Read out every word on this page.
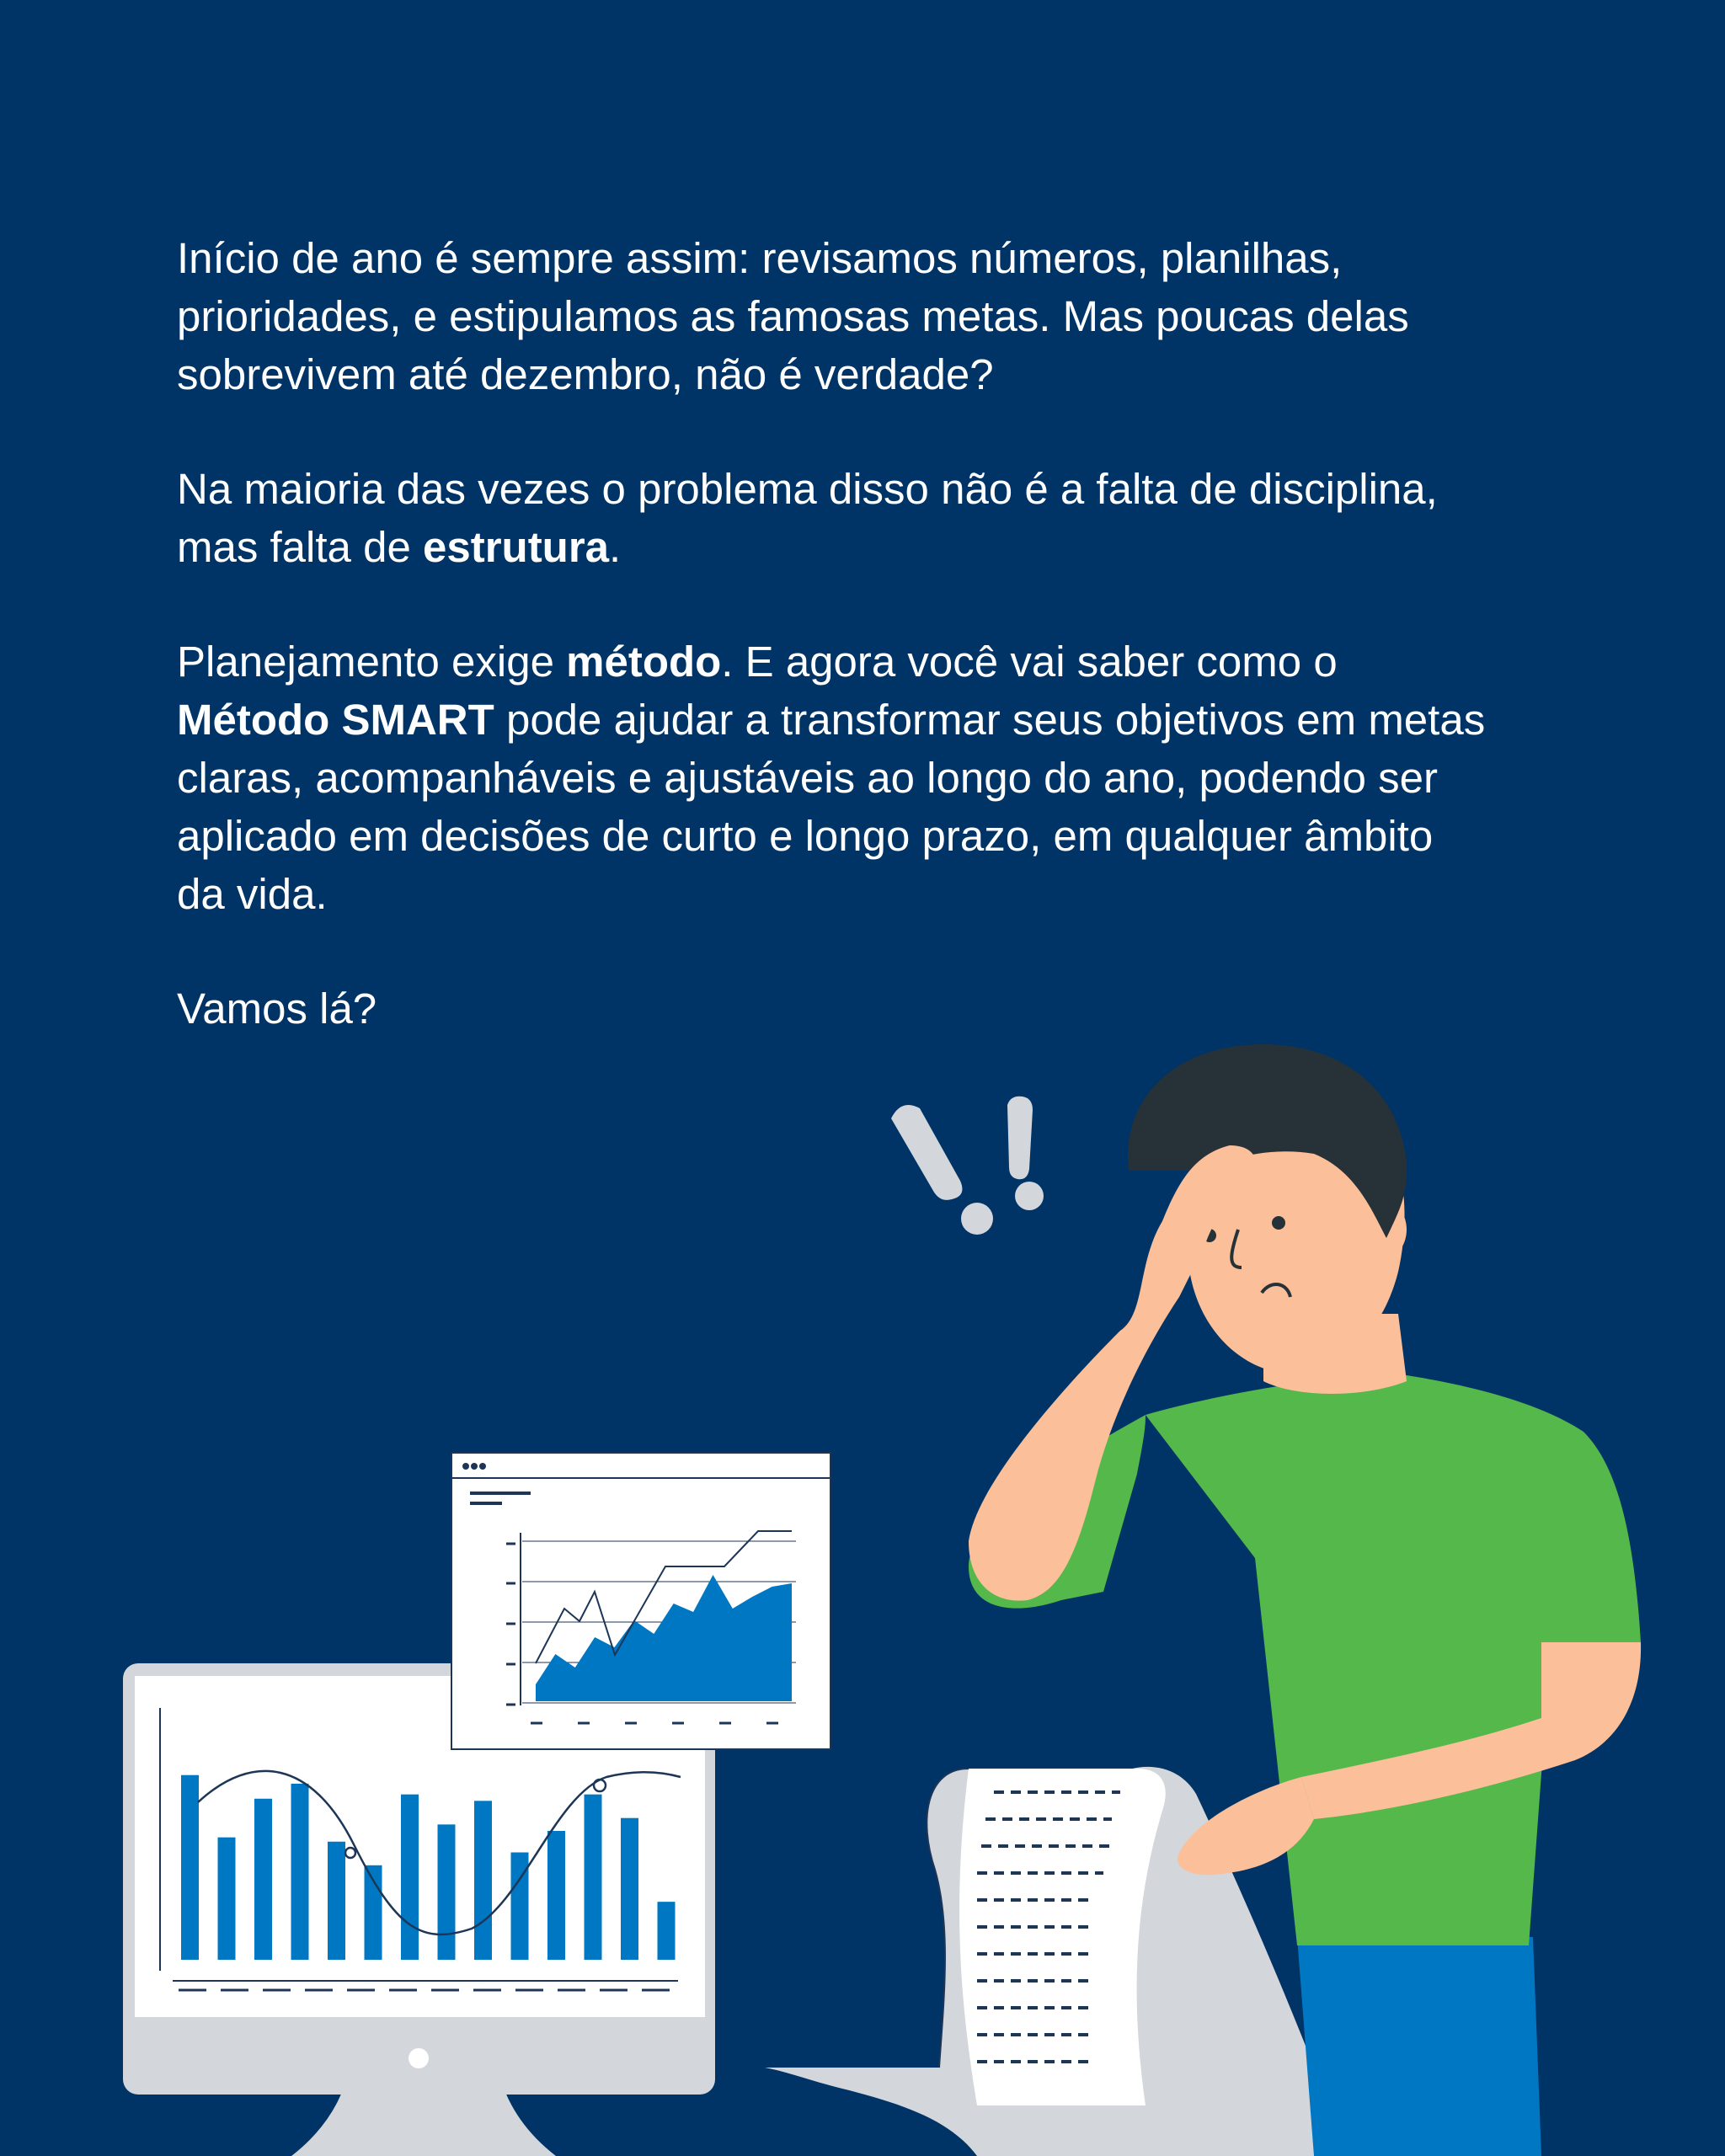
Início de ano é sempre assim: revisamos números, planilhas, prioridades, e estipulamos as famosas metas. Mas poucas delas sobrevivem até dezembro, não é verdade?

Na maioria das vezes o problema disso não é a falta de disciplina, mas falta de estrutura.

Planejamento exige método. E agora você vai saber como o Método SMART pode ajudar a transformar seus objetivos em metas claras, acompanháveis e ajustáveis ao longo do ano, podendo ser aplicado em decisões de curto e longo prazo, em qualquer âmbito da vida.

Vamos lá?
